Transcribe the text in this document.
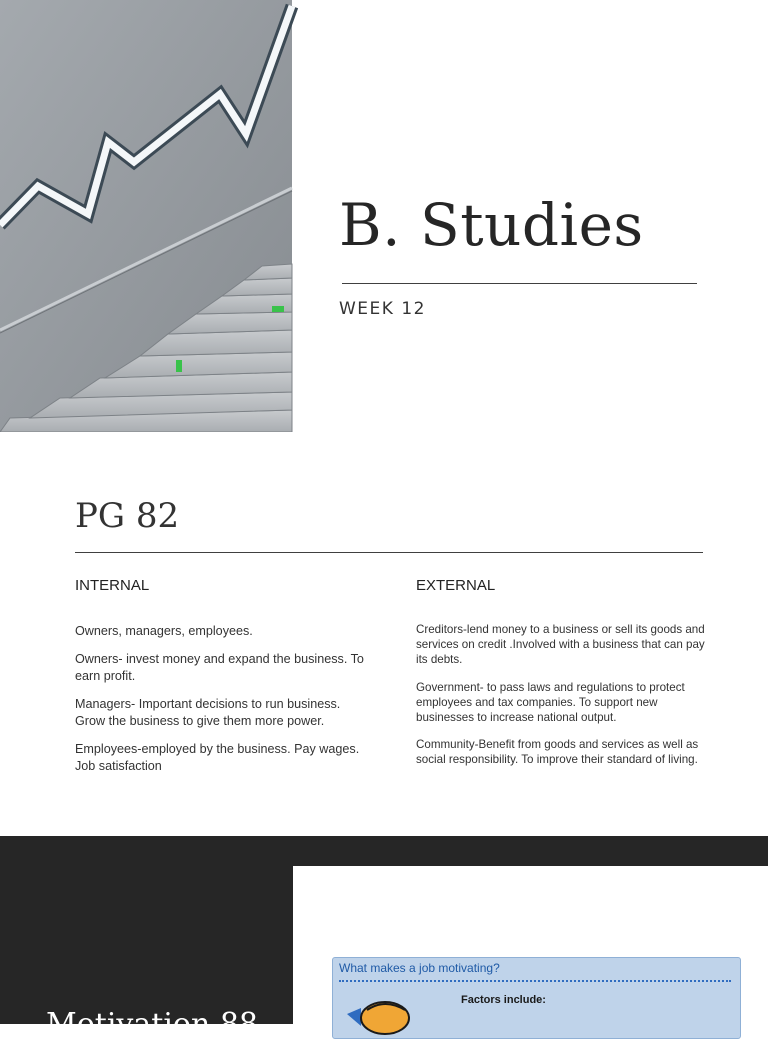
B. Studies
WEEK 12
PG 82
INTERNAL	EXTERNAL

Owners, managers, employees.

Owners- invest money and expand the business. To earn profit.

Managers- Important decisions to run business. Grow the business to give them more power.

Employees-employed by the business. Pay wages. Job satisfaction

Creditors-lend money to a business or sell its goods and services on credit .Involved with a business that can pay its debts.

Government- to pass laws and regulations to protect employees and tax companies. To support new businesses to increase national output.

Community-Benefit from goods and services as well as social responsibility. To improve their standard of living.

What makes a job motivating?
Factors include:
Motivation 88
